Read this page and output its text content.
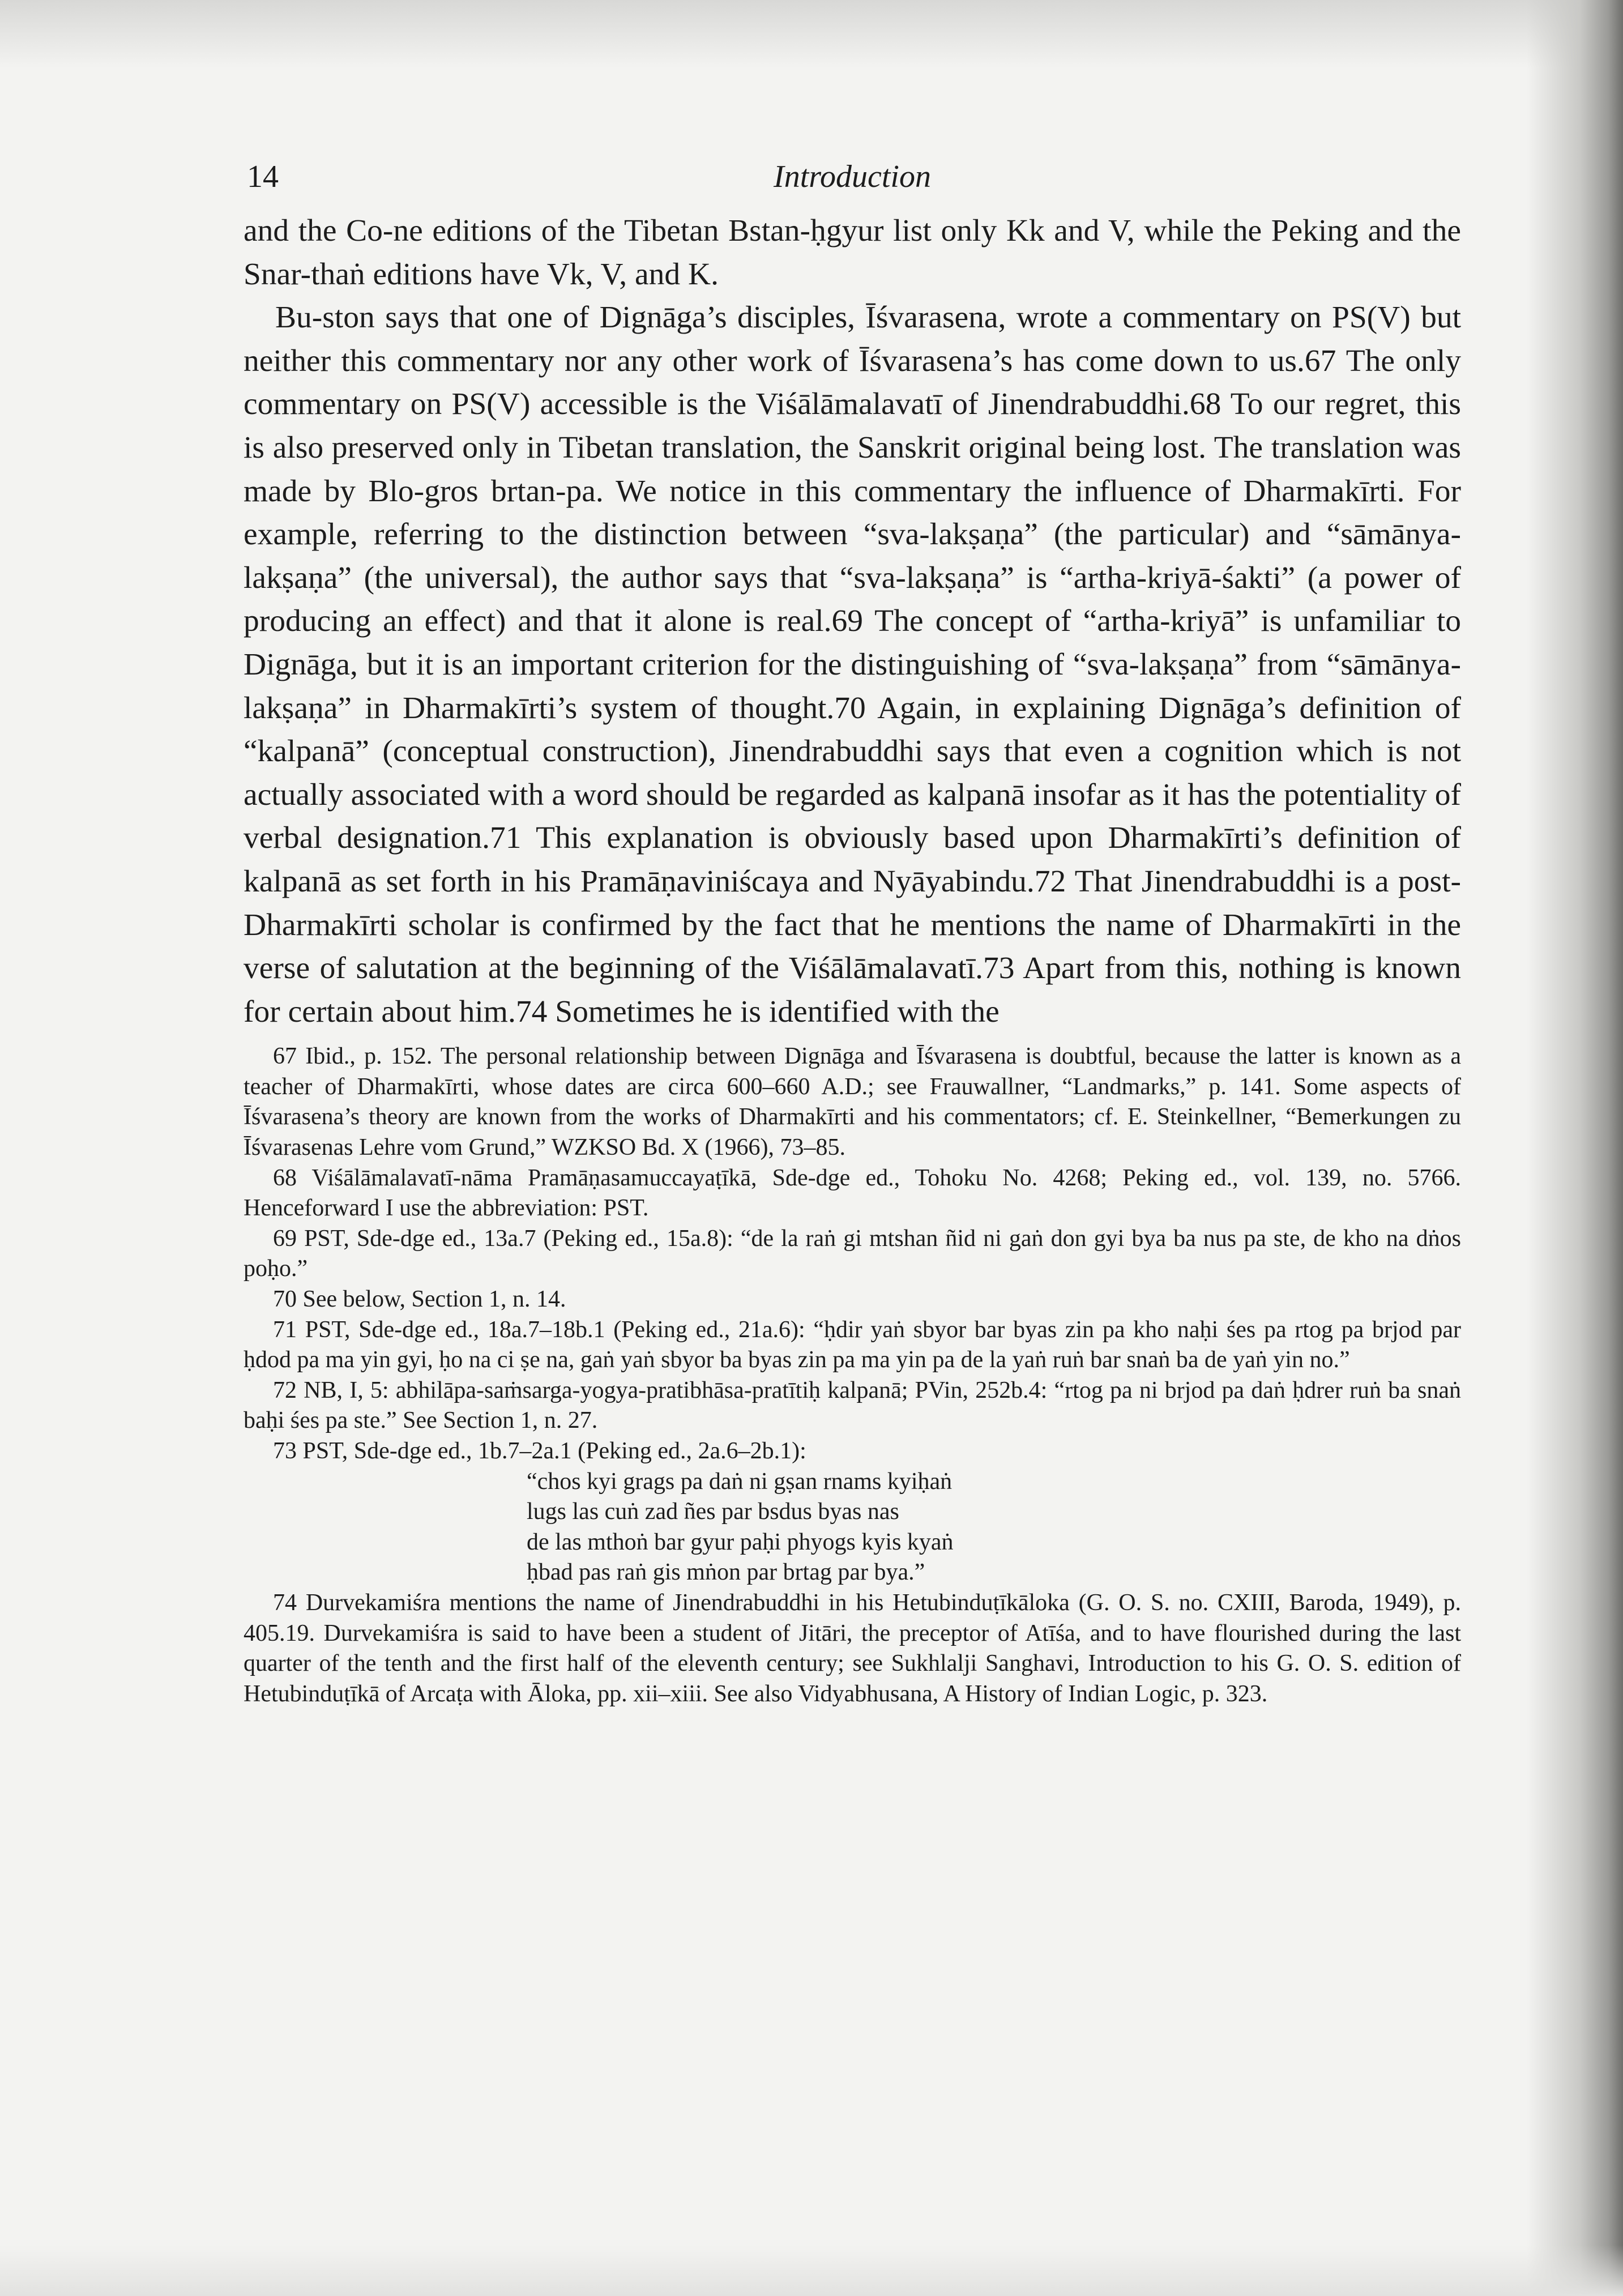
14	Introduction

and the Co-ne editions of the Tibetan Bstan-ḥgyur list only Kk and V, while the Peking and the Snar-thaṅ editions have Vk, V, and K.

Bu-ston says that one of Dignāga’s disciples, Īśvarasena, wrote a commentary on PS(V) but neither this commentary nor any other work of Īśvarasena’s has come down to us.67 The only commentary on PS(V) accessible is the Viśālāmalavatī of Jinendrabuddhi.68 To our regret, this is also preserved only in Tibetan translation, the Sanskrit original being lost. The translation was made by Blo-gros brtan-pa. We notice in this commentary the influence of Dharmakīrti. For example, referring to the distinction between “sva-lakṣaṇa” (the particular) and “sāmānya-lakṣaṇa” (the universal), the author says that “sva-lakṣaṇa” is “artha-kriyā-śakti” (a power of producing an effect) and that it alone is real.69 The concept of “artha-kriyā” is unfamiliar to Dignāga, but it is an important criterion for the distinguishing of “sva-lakṣaṇa” from “sāmānya-lakṣaṇa” in Dharmakīrti’s system of thought.70 Again, in explaining Dignāga’s definition of “kalpanā” (conceptual construction), Jinendrabuddhi says that even a cognition which is not actually associated with a word should be regarded as kalpanā insofar as it has the potentiality of verbal designation.71 This explanation is obviously based upon Dharmakīrti’s definition of kalpanā as set forth in his Pramāṇaviniścaya and Nyāyabindu.72 That Jinendrabuddhi is a post-Dharmakīrti scholar is confirmed by the fact that he mentions the name of Dharmakīrti in the verse of salutation at the beginning of the Viśālāmalavatī.73 Apart from this, nothing is known for certain about him.74 Sometimes he is identified with the

67 Ibid., p. 152. The personal relationship between Dignāga and Īśvarasena is doubtful, because the latter is known as a teacher of Dharmakīrti, whose dates are circa 600–660 A.D.; see Frauwallner, “Landmarks,” p. 141. Some aspects of Īśvarasena’s theory are known from the works of Dharmakīrti and his commentators; cf. E. Steinkellner, “Bemerkungen zu Īśvarasenas Lehre vom Grund,” WZKSO Bd. X (1966), 73–85.

68 Viśālāmalavatī-nāma Pramāṇasamuccayaṭīkā, Sde-dge ed., Tohoku No. 4268; Peking ed., vol. 139, no. 5766. Henceforward I use the abbreviation: PST.

69 PST, Sde-dge ed., 13a.7 (Peking ed., 15a.8): “de la raṅ gi mtshan ñid ni gaṅ don gyi bya ba nus pa ste, de kho na dṅos poḥo.”

70 See below, Section 1, n. 14.

71 PST, Sde-dge ed., 18a.7–18b.1 (Peking ed., 21a.6): “ḥdir yaṅ sbyor bar byas zin pa kho naḥi śes pa rtog pa brjod par ḥdod pa ma yin gyi, ḥo na ci ṣe na, gaṅ yaṅ sbyor ba byas zin pa ma yin pa de la yaṅ ruṅ bar snaṅ ba de yaṅ yin no.”

72 NB, I, 5: abhilāpa-saṁsarga-yogya-pratibhāsa-pratītiḥ kalpanā; PVin, 252b.4: “rtog pa ni brjod pa daṅ ḥdrer ruṅ ba snaṅ baḥi śes pa ste.” See Section 1, n. 27.

73 PST, Sde-dge ed., 1b.7–2a.1 (Peking ed., 2a.6–2b.1):

“chos kyi grags pa daṅ ni gṣan rnams kyiḥaṅ
lugs las cuṅ zad ñes par bsdus byas nas
de las mthoṅ bar gyur paḥi phyogs kyis kyaṅ
ḥbad pas raṅ gis mṅon par brtag par bya.”

74 Durvekamiśra mentions the name of Jinendrabuddhi in his Hetubinduṭīkāloka (G. O. S. no. CXIII, Baroda, 1949), p. 405.19. Durvekamiśra is said to have been a student of Jitāri, the preceptor of Atīśa, and to have flourished during the last quarter of the tenth and the first half of the eleventh century; see Sukhlalji Sanghavi, Introduction to his G. O. S. edition of Hetubinduṭīkā of Arcaṭa with Āloka, pp. xii–xiii. See also Vidyabhusana, A History of Indian Logic, p. 323.
